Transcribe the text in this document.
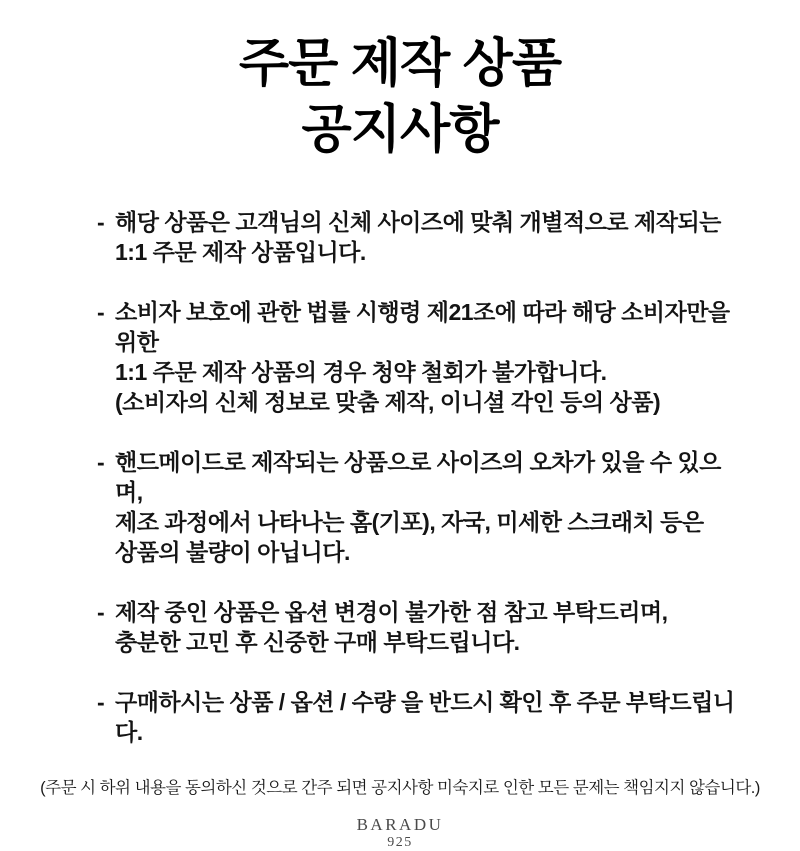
주문 제작 상품
공지사항
- 해당 상품은 고객님의 신체 사이즈에 맞춰 개별적으로 제작되는
1:1 주문 제작 상품입니다.
- 소비자 보호에 관한 법률 시행령 제21조에 따라 해당 소비자만을 위한
1:1 주문 제작 상품의 경우 청약 철회가 불가합니다.
(소비자의 신체 정보로 맞춤 제작, 이니셜 각인 등의 상품)
- 핸드메이드로 제작되는 상품으로 사이즈의 오차가 있을 수 있으며,
제조 과정에서 나타나는 홈(기포), 자국, 미세한 스크래치 등은
상품의 불량이 아닙니다.
- 제작 중인 상품은 옵션 변경이 불가한 점 참고 부탁드리며,
충분한 고민 후 신중한 구매 부탁드립니다.
- 구매하시는 상품 / 옵션 / 수량 을 반드시 확인 후 주문 부탁드립니다.
(주문 시 하위 내용을 동의하신 것으로 간주 되면 공지사항 미숙지로 인한 모든 문제는 책임지지 않습니다.)
BARADU
925
